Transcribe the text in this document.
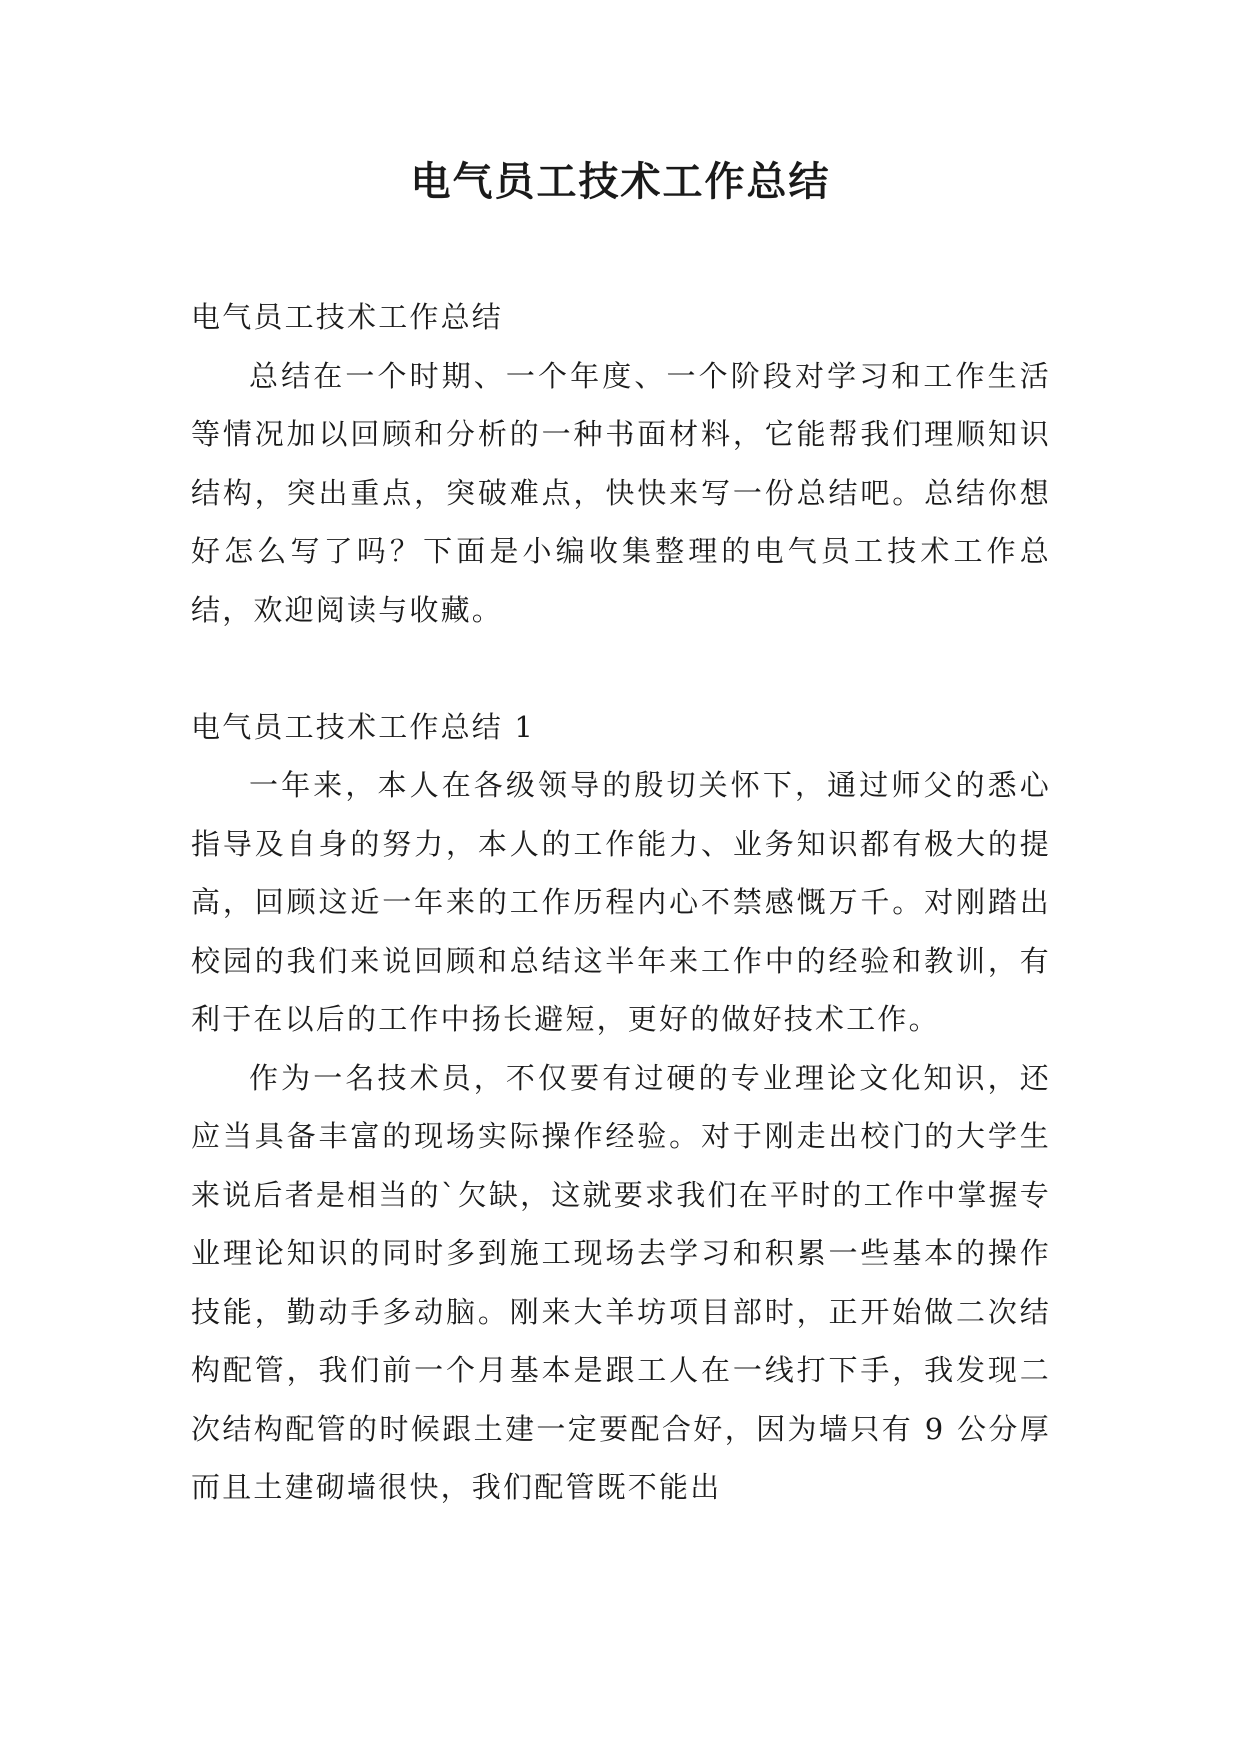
电气员工技术工作总结

电气员工技术工作总结

总结在一个时期、一个年度、一个阶段对学习和工作生活等情况加以回顾和分析的一种书面材料，它能帮我们理顺知识结构，突出重点，突破难点，快快来写一份总结吧。总结你想好怎么写了吗？下面是小编收集整理的电气员工技术工作总结，欢迎阅读与收藏。

电气员工技术工作总结 1

一年来，本人在各级领导的殷切关怀下，通过师父的悉心指导及自身的努力，本人的工作能力、业务知识都有极大的提高，回顾这近一年来的工作历程内心不禁感慨万千。对刚踏出校园的我们来说回顾和总结这半年来工作中的经验和教训，有利于在以后的工作中扬长避短，更好的做好技术工作。

作为一名技术员，不仅要有过硬的专业理论文化知识，还应当具备丰富的现场实际操作经验。对于刚走出校门的大学生来说后者是相当的`欠缺，这就要求我们在平时的工作中掌握专业理论知识的同时多到施工现场去学习和积累一些基本的操作技能，勤动手多动脑。刚来大羊坊项目部时，正开始做二次结构配管，我们前一个月基本是跟工人在一线打下手，我发现二次结构配管的时候跟土建一定要配合好，因为墙只有 9 公分厚而且土建砌墙很快，我们配管既不能出
